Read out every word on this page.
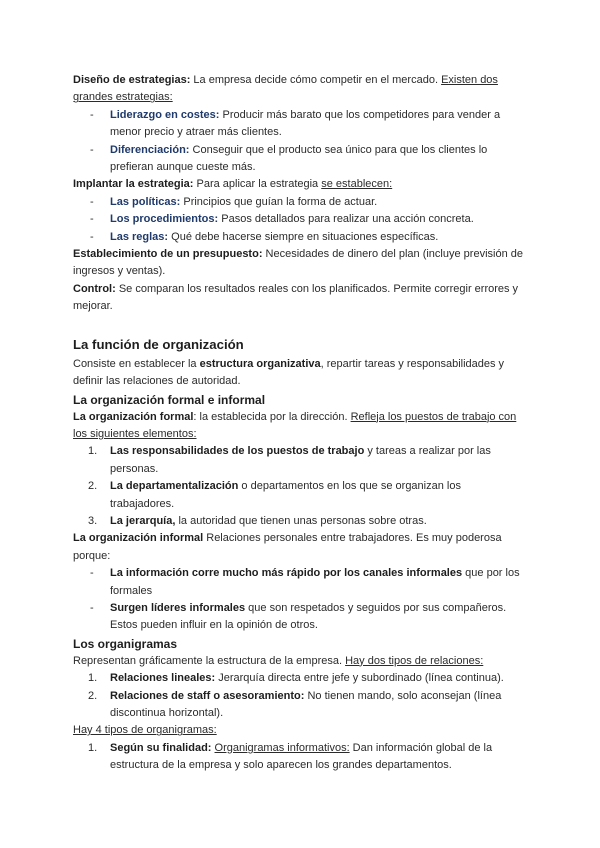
Diseño de estrategias: La empresa decide cómo competir en el mercado. Existen dos grandes estrategias:

- Liderazgo en costes: Producir más barato que los competidores para vender a menor precio y atraer más clientes.
- Diferenciación: Conseguir que el producto sea único para que los clientes lo prefieran aunque cueste más.

Implantar la estrategia: Para aplicar la estrategia se establecen:

- Las políticas: Principios que guían la forma de actuar.
- Los procedimientos: Pasos detallados para realizar una acción concreta.
- Las reglas: Qué debe hacerse siempre en situaciones específicas.

Establecimiento de un presupuesto: Necesidades de dinero del plan (incluye previsión de ingresos y ventas).

Control: Se comparan los resultados reales con los planificados. Permite corregir errores y mejorar.

La función de organización

Consiste en establecer la estructura organizativa, repartir tareas y responsabilidades y definir las relaciones de autoridad.

La organización formal e informal

La organización formal: la establecida por la dirección. Refleja los puestos de trabajo con los siguientes elementos:

1. Las responsabilidades de los puestos de trabajo y tareas a realizar por las personas.
2. La departamentalización o departamentos en los que se organizan los trabajadores.
3. La jerarquía, la autoridad que tienen unas personas sobre otras.

La organización informal Relaciones personales entre trabajadores. Es muy poderosa porque:

- La información corre mucho más rápido por los canales informales que por los formales
- Surgen líderes informales que son respetados y seguidos por sus compañeros. Estos pueden influir en la opinión de otros.
Los organigramas

Representan gráficamente la estructura de la empresa. Hay dos tipos de relaciones:

1. Relaciones lineales: Jerarquía directa entre jefe y subordinado (línea continua).
2. Relaciones de staff o asesoramiento: No tienen mando, solo aconsejan (línea discontinua horizontal).

Hay 4 tipos de organigramas:

1. Según su finalidad: Organigramas informativos: Dan información global de la estructura de la empresa y solo aparecen los grandes departamentos.
